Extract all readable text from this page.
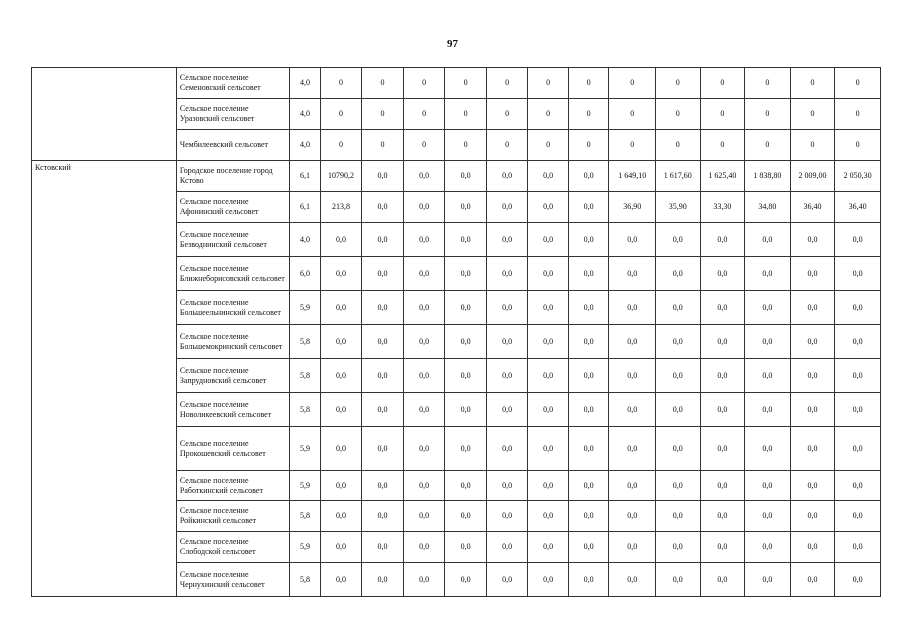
97
	Сельское поселение Семеновский сельсовет	4,0	0	0	0	0	0	0	0	0	0	0	0	0	0
	Сельское поселение Уразовский сельсовет	4,0	0	0	0	0	0	0	0	0	0	0	0	0	0
	Чембилеевский сельсовет	4,0	0	0	0	0	0	0	0	0	0	0	0	0	0
Кстовский	Городское поселение город Кстово	6,1	10790,2	0,0	0,0	0,0	0,0	0,0	0,0	1 649,10	1 617,60	1 625,40	1 838,80	2 009,00	2 050,30
	Сельское поселение Афонинский сельсовет	6,1	213,8	0,0	0,0	0,0	0,0	0,0	0,0	36,90	35,90	33,30	34,80	36,40	36,40
	Сельское поселение Безводнинский сельсовет	4,0	0,0	0,0	0,0	0,0	0,0	0,0	0,0	0,0	0,0	0,0	0,0	0,0	0,0
	Сельское поселение Ближнеборисовский сельсовет	6,0	0,0	0,0	0,0	0,0	0,0	0,0	0,0	0,0	0,0	0,0	0,0	0,0	0,0
	Сельское поселение Большеельнинский сельсовет	5,9	0,0	0,0	0,0	0,0	0,0	0,0	0,0	0,0	0,0	0,0	0,0	0,0	0,0
	Сельское поселение Большемокринский сельсовет	5,8	0,0	0,0	0,0	0,0	0,0	0,0	0,0	0,0	0,0	0,0	0,0	0,0	0,0
	Сельское поселение Запрудновский сельсовет	5,8	0,0	0,0	0,0	0,0	0,0	0,0	0,0	0,0	0,0	0,0	0,0	0,0	0,0
	Сельское поселение Новоликеевский сельсовет	5,8	0,0	0,0	0,0	0,0	0,0	0,0	0,0	0,0	0,0	0,0	0,0	0,0	0,0
	Сельское поселение Прокошевский сельсовет	5,9	0,0	0,0	0,0	0,0	0,0	0,0	0,0	0,0	0,0	0,0	0,0	0,0	0,0
	Сельское поселение Работкинский сельсовет	5,9	0,0	0,0	0,0	0,0	0,0	0,0	0,0	0,0	0,0	0,0	0,0	0,0	0,0
	Сельское поселение Ройкинский сельсовет	5,8	0,0	0,0	0,0	0,0	0,0	0,0	0,0	0,0	0,0	0,0	0,0	0,0	0,0
	Сельское поселение Слободской сельсовет	5,9	0,0	0,0	0,0	0,0	0,0	0,0	0,0	0,0	0,0	0,0	0,0	0,0	0,0
	Сельское поселение Чернухинский сельсовет	5,8	0,0	0,0	0,0	0,0	0,0	0,0	0,0	0,0	0,0	0,0	0,0	0,0	0,0
